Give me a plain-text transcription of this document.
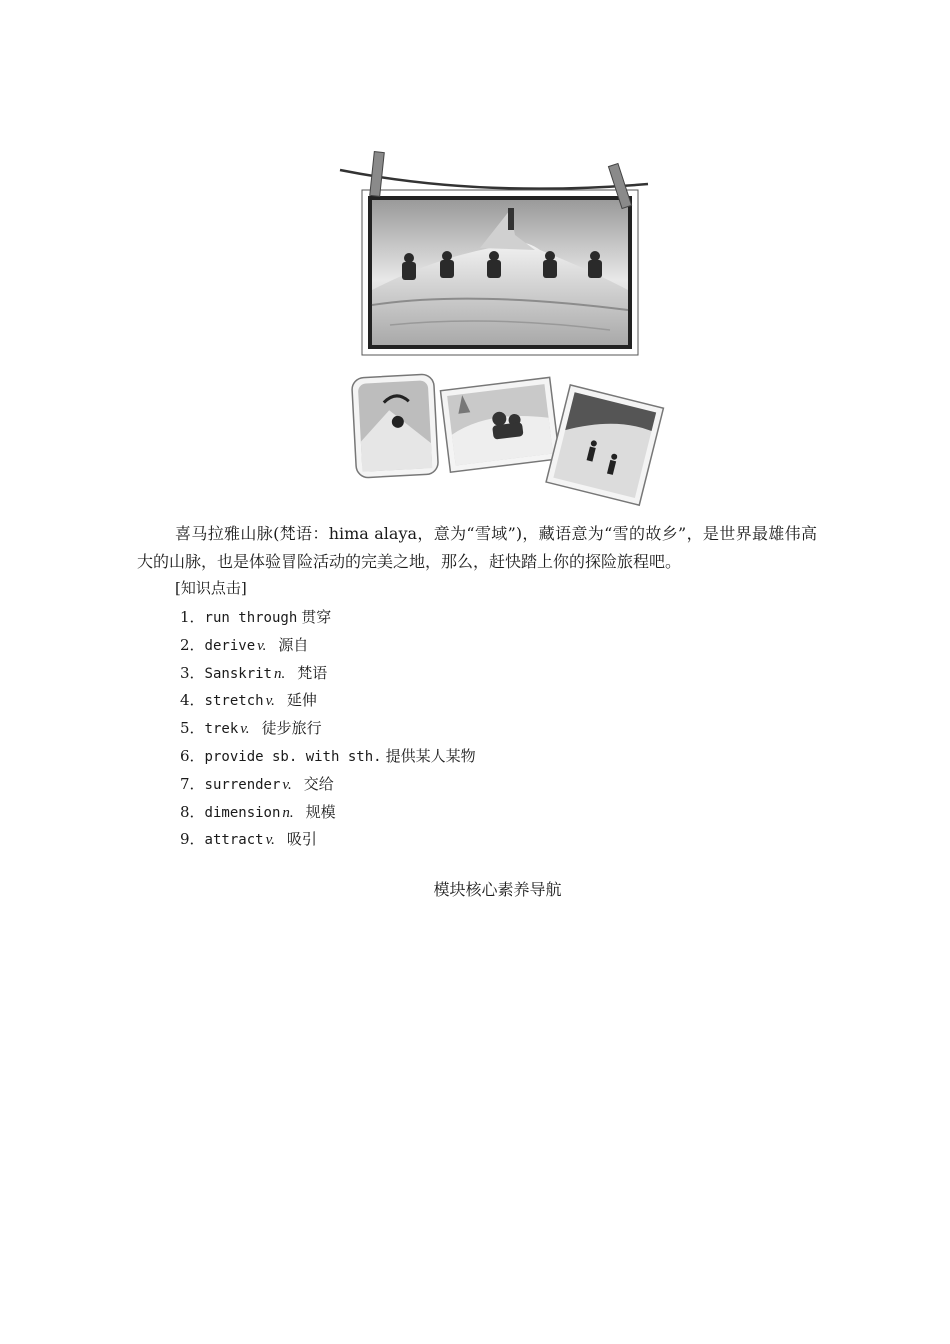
喜马拉雅山脉(梵语：hima alaya，意为“雪域”)，藏语意为“雪的故乡”，是世界最雄伟高大的山脉，也是体验冒险活动的完美之地，那么，赶快踏上你的探险旅程吧。

[知识点击]
1．run through 贯穿
2．derive v. 源自
3．Sanskrit n. 梵语
4．stretch v. 延伸
5．trek v. 徒步旅行
6．provide sb. with sth. 提供某人某物
7．surrender v. 交给
8．dimension n. 规模
9．attract v. 吸引
模块核心素养导航
